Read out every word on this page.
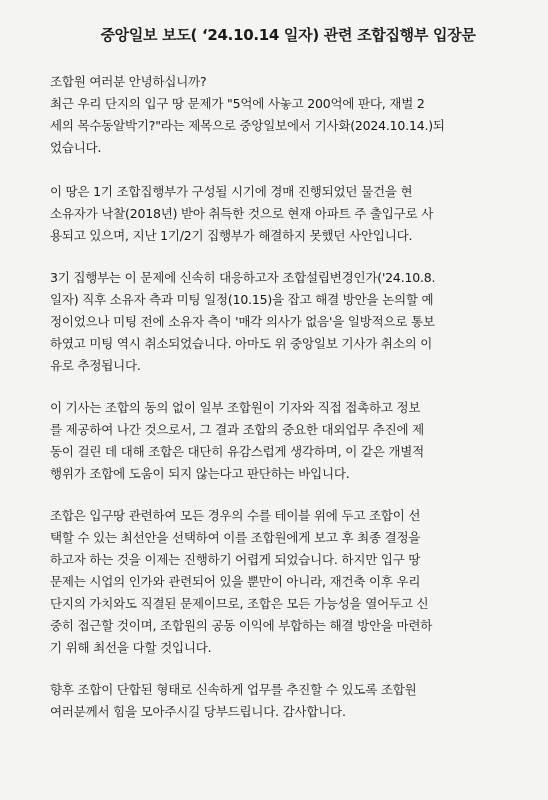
중앙일보 보도( ‘24.10.14 일자) 관련 조합집행부 입장문

조합원 여러분 안녕하십니까?

최근 우리 단지의 입구 땅 문제가 "5억에 사놓고 200억에 판다, 재벌 2
세의 목수동알박기?"라는 제목으로 중앙일보에서 기사화(2024.10.14.)되
었습니다.

이 땅은 1기 조합집행부가 구성될 시기에 경매 진행되었던 물건을 현
소유자가 낙찰(2018년) 받아 취득한 것으로 현재 아파트 주 출입구로 사
용되고 있으며, 지난 1기/2기 집행부가 해결하지 못했던 사안입니다.

3기 집행부는 이 문제에 신속히 대응하고자 조합설립변경인가('24.10.8.
일자) 직후 소유자 측과 미팅 일정(10.15)을 잡고 해결 방안을 논의할 예
정이었으나 미팅 전에 소유자 측이 '매각 의사가 없음'을 일방적으로 통보
하였고 미팅 역시 취소되었습니다. 아마도 위 중앙일보 기사가 취소의 이
유로 추정됩니다.

이 기사는 조합의 동의 없이 일부 조합원이 기자와 직접 접촉하고 정보
를 제공하여 나간 것으로서, 그 결과 조합의 중요한 대외업무 추진에 제
동이 걸린 데 대해 조합은 대단히 유감스럽게 생각하며, 이 같은 개별적
행위가 조합에 도움이 되지 않는다고 판단하는 바입니다.

조합은 입구땅 관련하여 모든 경우의 수를 테이블 위에 두고 조합이 선
택할 수 있는 최선안을 선택하여 이를 조합원에게 보고 후 최종 결정을
하고자 하는 것을 이제는 진행하기 어렵게 되었습니다. 하지만 입구 땅
문제는 시업의 인가와 관련되어 있을 뿐만이 아니라, 재건축 이후 우리
단지의 가치와도 직결된 문제이므로, 조합은 모든 가능성을 열어두고 신
중히 접근할 것이며, 조합원의 공동 이익에 부합하는 해결 방안을 마련하
기 위해 최선을 다할 것입니다.

향후 조합이 단합된 형태로 신속하게 업무를 추진할 수 있도록 조합원
여러분께서 힘을 모아주시길 당부드립니다. 감사합니다.
